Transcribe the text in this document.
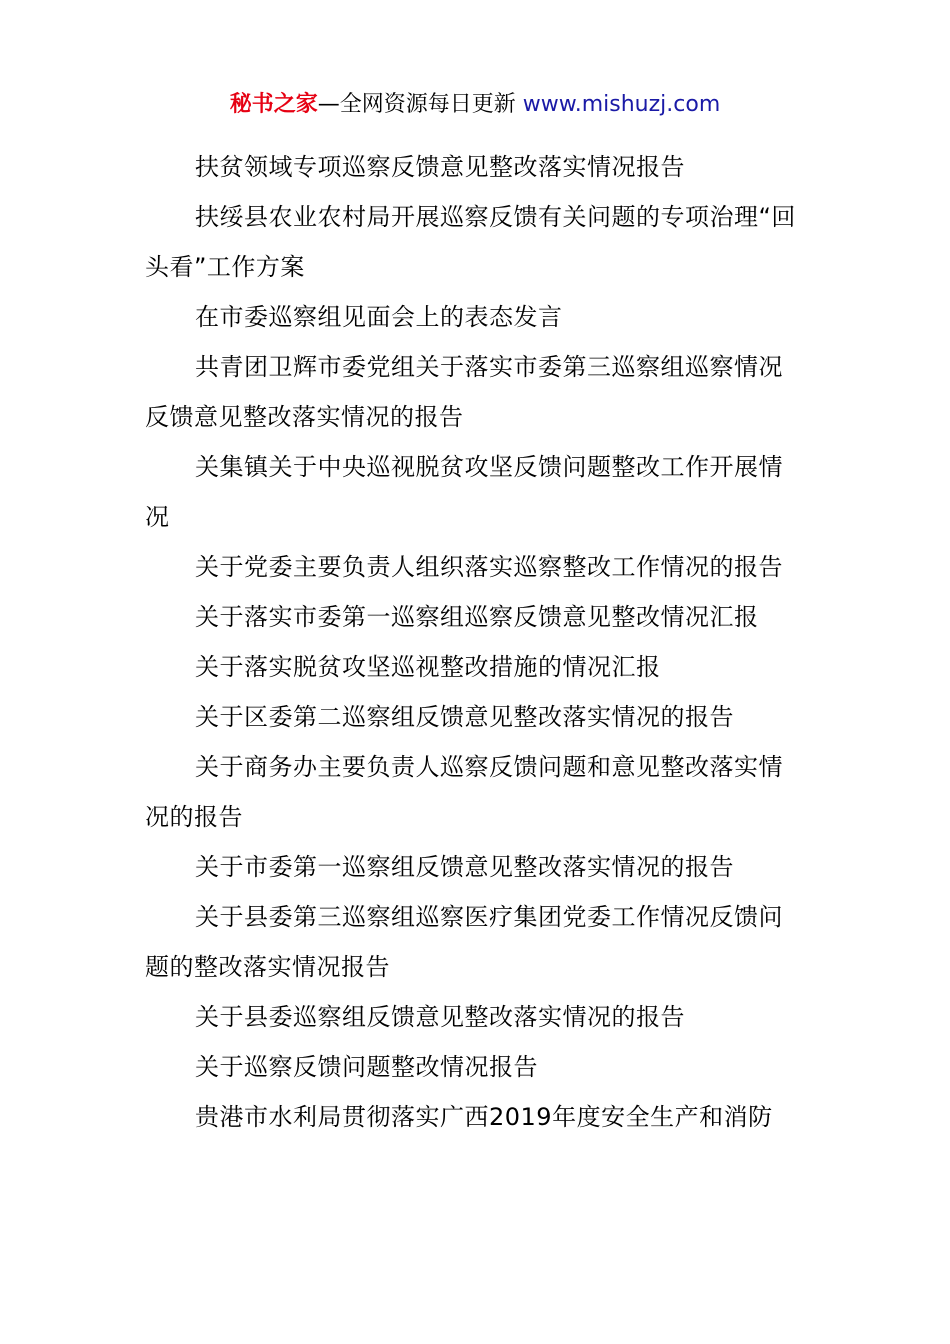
秘书之家—全网资源每日更新 www.mishuzj.com
扶贫领域专项巡察反馈意见整改落实情况报告
扶绥县农业农村局开展巡察反馈有关问题的专项治理“回头看”工作方案
在市委巡察组见面会上的表态发言
共青团卫辉市委党组关于落实市委第三巡察组巡察情况反馈意见整改落实情况的报告
关集镇关于中央巡视脱贫攻坚反馈问题整改工作开展情况
关于党委主要负责人组织落实巡察整改工作情况的报告
关于落实市委第一巡察组巡察反馈意见整改情况汇报
关于落实脱贫攻坚巡视整改措施的情况汇报
关于区委第二巡察组反馈意见整改落实情况的报告
关于商务办主要负责人巡察反馈问题和意见整改落实情况的报告
关于市委第一巡察组反馈意见整改落实情况的报告
关于县委第三巡察组巡察医疗集团党委工作情况反馈问题的整改落实情况报告
关于县委巡察组反馈意见整改落实情况的报告
关于巡察反馈问题整改情况报告
贵港市水利局贯彻落实广西2019年度安全生产和消防
